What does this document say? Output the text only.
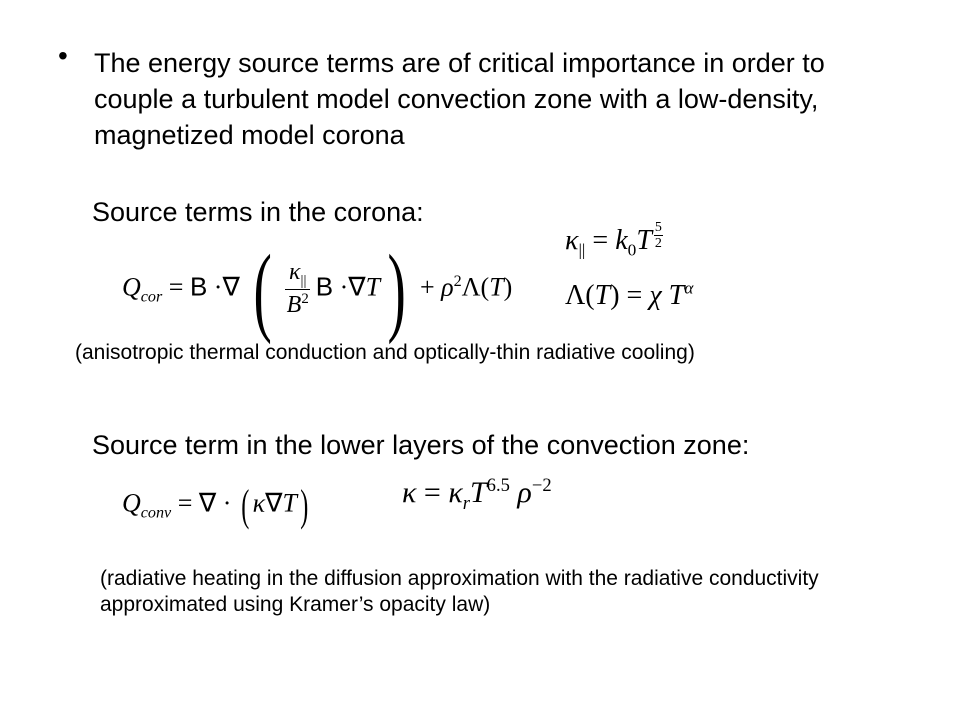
• The energy source terms are of critical importance in order to couple a turbulent model convection zone with a low-density, magnetized model corona
Source terms in the corona:
$Q_{cor} = B$ ·∇ ( $\frac{\kappa_{||}}{B^2}$ $B \cdot\nabla T) + \rho^2\Lambda(T)$
$\kappa_{||} = k_0T \frac{5}{2}$
Λ(T) = χ $T^\alpha$
(anisotropic thermal conduction and optically-thin radiative cooling)
Source term in the lower layers of the convection zone:
$Q_{conv}$ = ∇ · ( κ∇T)	$\kappa = \kappa_rT^{6.5}$ $\rho^{-2}$
(radiative heating in the diffusion approximation with the radiative conductivity approximated using Kramer’s opacity law)
